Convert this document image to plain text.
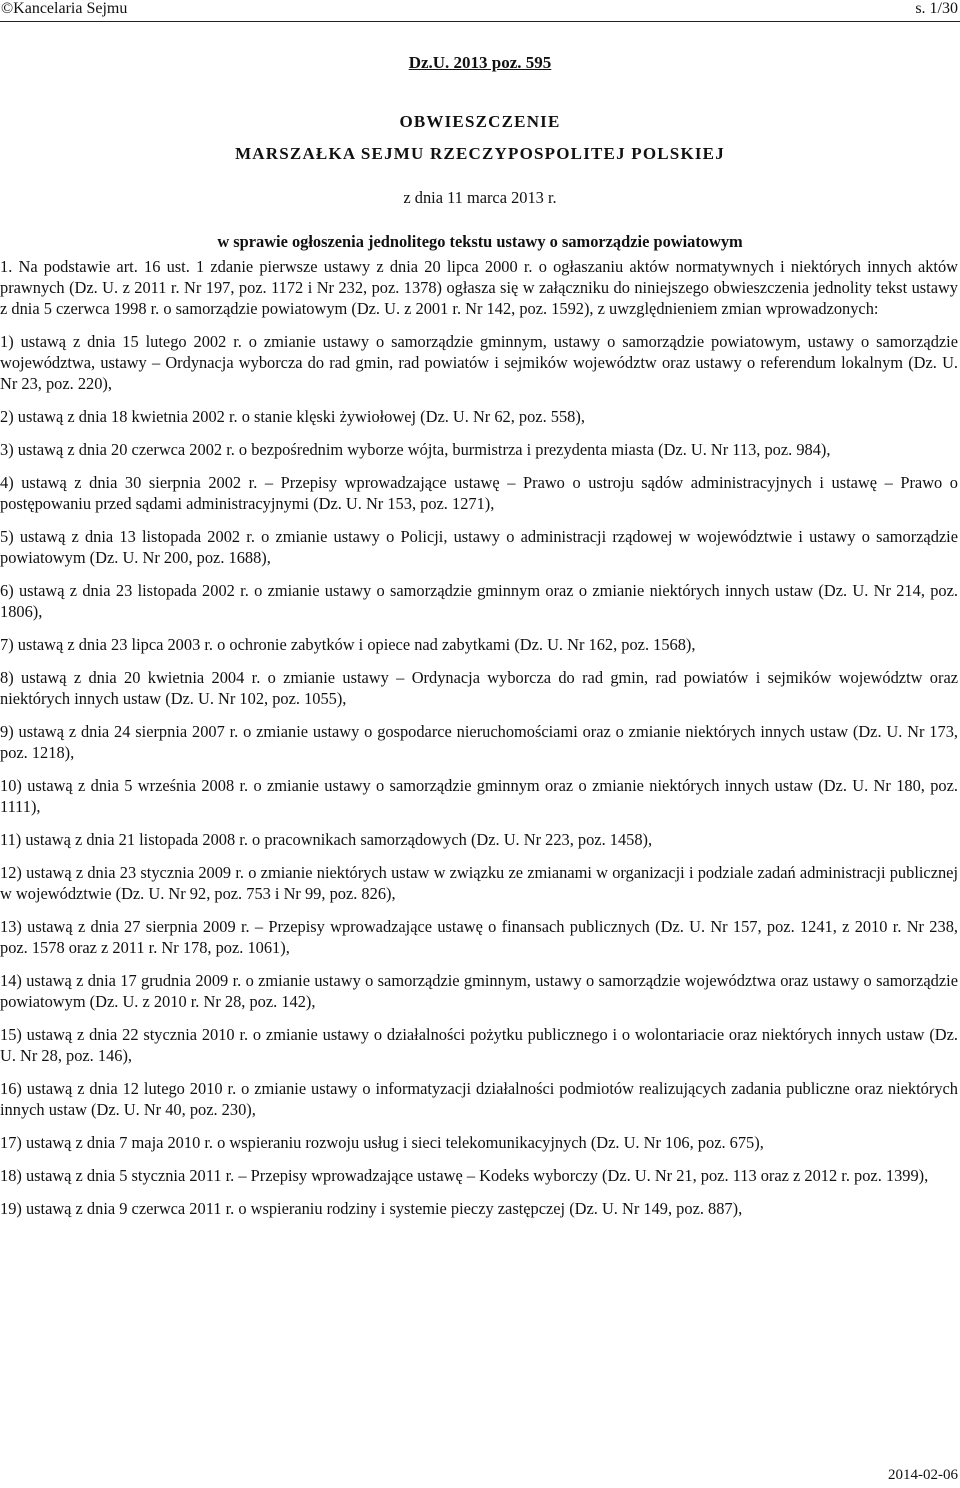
©Kancelaria Sejmu	s. 1/30
Dz.U. 2013 poz. 595
OBWIESZCZENIE
MARSZAŁKA SEJMU RZECZYPOSPOLITEJ POLSKIEJ
z dnia 11 marca 2013 r.
w sprawie ogłoszenia jednolitego tekstu ustawy o samorządzie powiatowym

1. Na podstawie art. 16 ust. 1 zdanie pierwsze ustawy z dnia 20 lipca 2000 r. o ogłaszaniu aktów normatywnych i niektórych innych aktów prawnych (Dz. U. z 2011 r. Nr 197, poz. 1172 i Nr 232, poz. 1378) ogłasza się w załączniku do niniejszego obwieszczenia jednolity tekst ustawy z dnia 5 czerwca 1998 r. o samorządzie powiatowym (Dz. U. z 2001 r. Nr 142, poz. 1592), z uwzględnieniem zmian wprowadzonych:

1) ustawą z dnia 15 lutego 2002 r. o zmianie ustawy o samorządzie gminnym, ustawy o samorządzie powiatowym, ustawy o samorządzie województwa, ustawy – Ordynacja wyborcza do rad gmin, rad powiatów i sejmików województw oraz ustawy o referendum lokalnym (Dz. U. Nr 23, poz. 220),

2) ustawą z dnia 18 kwietnia 2002 r. o stanie klęski żywiołowej (Dz. U. Nr 62, poz. 558),

3) ustawą z dnia 20 czerwca 2002 r. o bezpośrednim wyborze wójta, burmistrza i prezydenta miasta (Dz. U. Nr 113, poz. 984),

4) ustawą z dnia 30 sierpnia 2002 r. – Przepisy wprowadzające ustawę – Prawo o ustroju sądów administracyjnych i ustawę – Prawo o postępowaniu przed sądami administracyjnymi (Dz. U. Nr 153, poz. 1271),

5) ustawą z dnia 13 listopada 2002 r. o zmianie ustawy o Policji, ustawy o administracji rządowej w województwie i ustawy o samorządzie powiatowym (Dz. U. Nr 200, poz. 1688),

6) ustawą z dnia 23 listopada 2002 r. o zmianie ustawy o samorządzie gminnym oraz o zmianie niektórych innych ustaw (Dz. U. Nr 214, poz. 1806),

7) ustawą z dnia 23 lipca 2003 r. o ochronie zabytków i opiece nad zabytkami (Dz. U. Nr 162, poz. 1568),

8) ustawą z dnia 20 kwietnia 2004 r. o zmianie ustawy – Ordynacja wyborcza do rad gmin, rad powiatów i sejmików województw oraz niektórych innych ustaw (Dz. U. Nr 102, poz. 1055),

9) ustawą z dnia 24 sierpnia 2007 r. o zmianie ustawy o gospodarce nieruchomościami oraz o zmianie niektórych innych ustaw (Dz. U. Nr 173, poz. 1218),

10) ustawą z dnia 5 września 2008 r. o zmianie ustawy o samorządzie gminnym oraz o zmianie niektórych innych ustaw (Dz. U. Nr 180, poz. 1111),

11) ustawą z dnia 21 listopada 2008 r. o pracownikach samorządowych (Dz. U. Nr 223, poz. 1458),

12) ustawą z dnia 23 stycznia 2009 r. o zmianie niektórych ustaw w związku ze zmianami w organizacji i podziale zadań administracji publicznej w województwie (Dz. U. Nr 92, poz. 753 i Nr 99, poz. 826),

13) ustawą z dnia 27 sierpnia 2009 r. – Przepisy wprowadzające ustawę o finansach publicznych (Dz. U. Nr 157, poz. 1241, z 2010 r. Nr 238, poz. 1578 oraz z 2011 r. Nr 178, poz. 1061),

14) ustawą z dnia 17 grudnia 2009 r. o zmianie ustawy o samorządzie gminnym, ustawy o samorządzie województwa oraz ustawy o samorządzie powiatowym (Dz. U. z 2010 r. Nr 28, poz. 142),

15) ustawą z dnia 22 stycznia 2010 r. o zmianie ustawy o działalności pożytku publicznego i o wolontariacie oraz niektórych innych ustaw (Dz. U. Nr 28, poz. 146),

16) ustawą z dnia 12 lutego 2010 r. o zmianie ustawy o informatyzacji działalności podmiotów realizujących zadania publiczne oraz niektórych innych ustaw (Dz. U. Nr 40, poz. 230),

17) ustawą z dnia 7 maja 2010 r. o wspieraniu rozwoju usług i sieci telekomunikacyjnych (Dz. U. Nr 106, poz. 675),

18) ustawą z dnia 5 stycznia 2011 r. – Przepisy wprowadzające ustawę – Kodeks wyborczy (Dz. U. Nr 21, poz. 113 oraz z 2012 r. poz. 1399),

19) ustawą z dnia 9 czerwca 2011 r. o wspieraniu rodziny i systemie pieczy zastępczej (Dz. U. Nr 149, poz. 887),

2014-02-06
